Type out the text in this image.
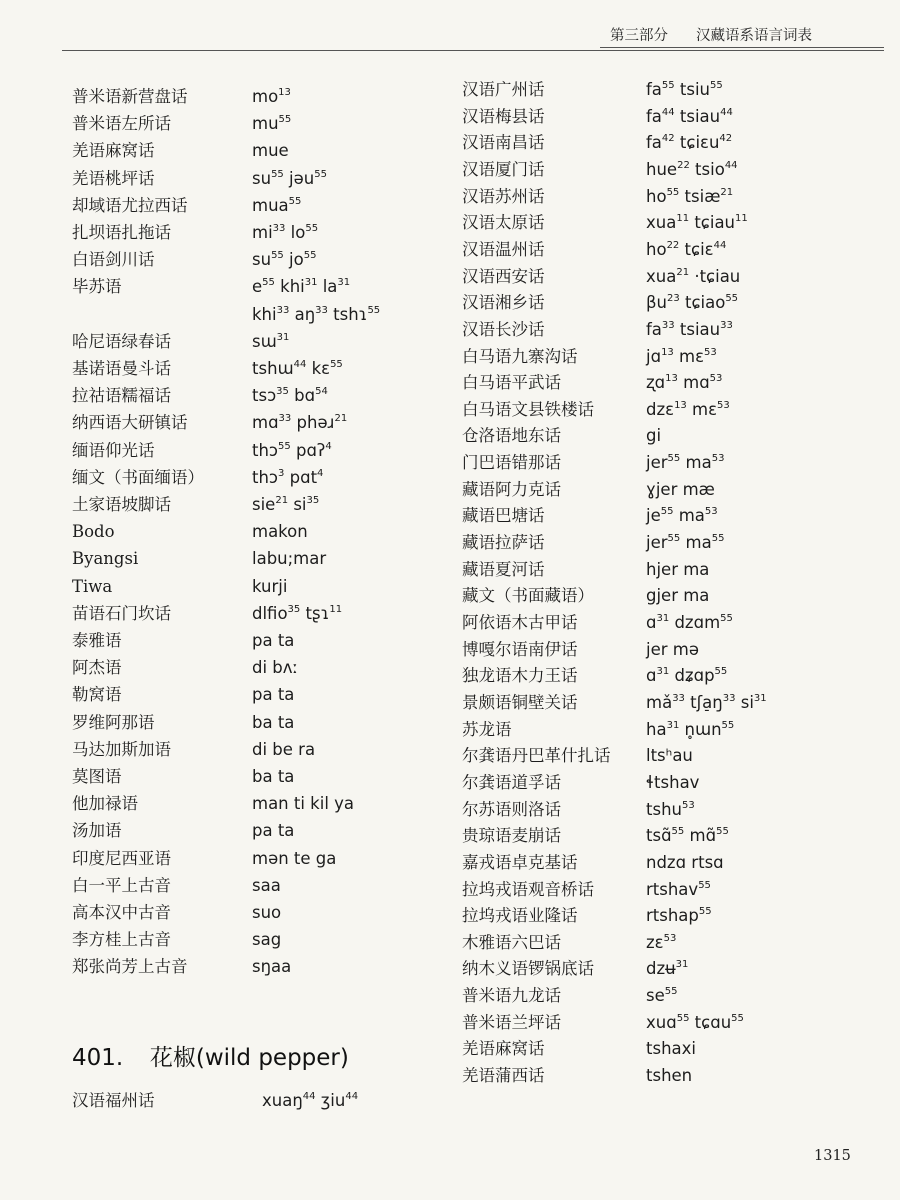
第三部分 汉藏语系语言词表
普米语新营盘话	$mo^{13}$
普米语左所话	$mu^{55}$
羌语麻窝话	mue
羌语桃坪话	$su^{55}$ jəu$^{55}$
却域语尤拉西话	mua$^{55}$
扎坝语扎拖话	$mi^{33}$ $lo^{55}$
白语剑川话	$su^{55}$ $jo^{55}$
毕苏语	$e^{55}$ khi$^{31}$ $la^{31}$
khi$^{33}$ $aŋ^{33}$ tshɿ$^{55}$
哈尼语绿春话	sɯ$^{31}$
基诺语曼斗话	tshɯ$^{44}$ kɛ$^{55}$
拉祜语糯福话	tsɔ$^{35}$ bɑ$^{54}$
纳西语大研镇话	mɑ$^{33}$ phəɹ$^{21}$
缅语仰光话	thɔ$^{55}$ pɑʔ$^4$
缅文（书面缅语）	thɔ$^3$ pɑt$^4$
土家语坡脚话	sie$^{21}$ $si^{35}$
Bodo	makon
Byangsi	labu;mar
Tiwa	kurji
苗语石门坎话	dlfio$^{35}$ tʂɿ$^{11}$
泰雅语	pa ta
阿杰语	di bʌː
勒窝语	pa ta
罗维阿那语	ba ta
马达加斯加语	di be ra
莫图语	ba ta
他加禄语	man ti kil ya
汤加语	pa ta
印度尼西亚语	mən te ga
白一平上古音	saa
高本汉中古音	suo
李方桂上古音	sag
郑张尚芳上古音	sŋaa
汉语广州话	$fa^{55}$ tsiu$^{55}$
汉语梅县话	$fa^{44}$ tsiau$^{44}$
汉语南昌话	$fa^{42}$ tɕiɛu$^{42}$
汉语厦门话	hue$^{22}$ tsio$^{44}$
汉语苏州话	$ho^{55}$ tsiæ$^{21}$
汉语太原话	xua$^{11}$ tɕiau$^{11}$
汉语温州话	$ho^{22}$ tɕiɛ$^{44}$
汉语西安话	xua$^{21}$ ·tɕiau
汉语湘乡话	$\beta u^{23}$ tɕiao$^{55}$
汉语长沙话	$fa^{33}$ tsiau$^{33}$
白马语九寨沟话	jɑ$^{13}$ mɛ$^{53}$
白马语平武话	ʐɑ$^{13}$ mɑ$^{53}$
白马语文县铁楼话	dzɛ$^{13}$ mɛ$^{53}$
仓洛语地东话	gi
门巴语错那话	jer$^{55}$ $ma^{53}$
藏语阿力克话	ɣjer mæ
藏语巴塘话	$je^{55}$ $ma^{53}$
藏语拉萨话	jer$^{55}$ $ma^{55}$
藏语夏河话	hjer ma
藏文（书面藏语）	gjer ma
阿依语木古甲话	ɑ$^{31}$ dzɑm$^{55}$
博嘎尔语南伊话	jer mə
独龙语木力王话	ɑ$^{31}$ dʑɑp$^{55}$
景颇语铜壁关话	$mǎ^{33}$ $tʃa̠ŋ^{33}$ $si^{31}$
苏龙语	$ha^{31}$ n̥ɯn$^{55}$
尔龚语丹巴革什扎话 ltsʰau
尔龚语道孚话	ɬtshav
尔苏语则洛话	tshu$^{53}$
贵琼语麦崩话	tsɑ̃$^{55}$ mɑ̃$^{55}$
嘉戎语卓克基话	ndzɑ rtsɑ
拉坞戎语观音桥话	rtshav$^{55}$
拉坞戎语业隆话	rtshap$^{55}$
木雅语六巴话	zɛ$^{53}$
纳木义语锣锅底话	dzʉ$^{31}$
普米语九龙话	$se^{55}$
普米语兰坪话	xuɑ$^{55}$ tɕɑu$^{55}$
羌语麻窝话	tshaxi
羌语蒲西话	tshen
401. 花椒(wild pepper)
汉语福州话	xuaŋ$^{44}$ ʒiu$^{44}$
1315
